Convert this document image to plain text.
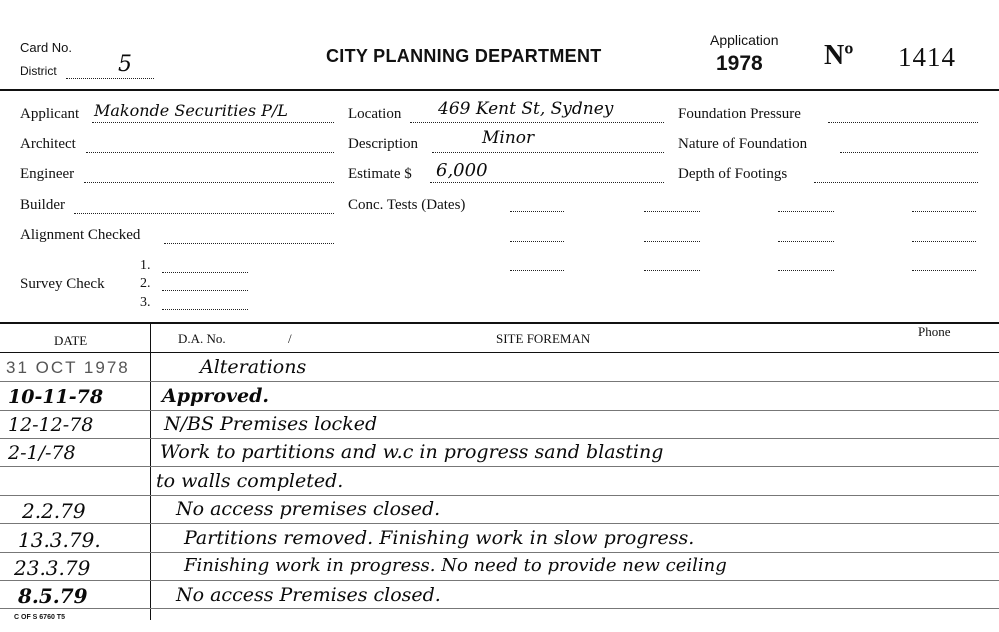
Card No.
District	5	CITY PLANNING DEPARTMENT
Application
1978 Nº 1414
Applicant Makonde Securities P/L
Architect
Engineer
Builder
Alignment Checked
Survey Check
1.
2.
3.
Location 469 Kent St, Sydney
Description	Minor
Estimate $ 6,000
Conc. Tests (Dates)
Foundation Pressure
Nature of Foundation
Depth of Footings
DATE	D.A. No.	/	SITE FOREMAN	Phone
31 OCT 1978	Alterations
10-11-78	Approved.
12-12-78	N/BS Premises locked
2-1/-78	Work to partitions and w.c in progress sand blasting
to walls completed.
2.2.79	No access premises closed.
13.3.79.	Partitions removed. Finishing work in slow progress.
23.3.79	Finishing work in progress. No need to provide new ceiling
8.5.79	No access Premises closed.
C OF S 6760 T5
